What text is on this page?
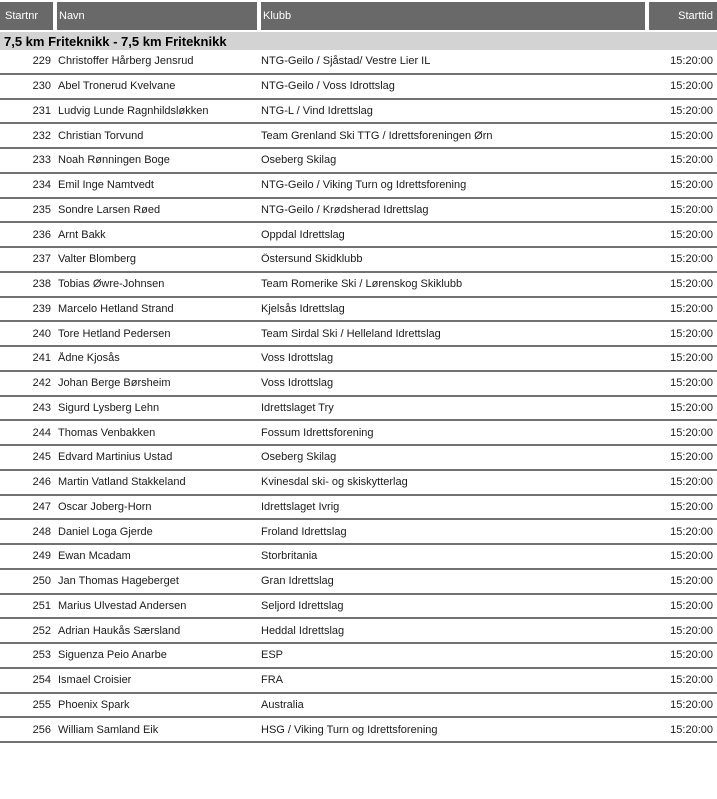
Startnr	Navn	Klubb	Starttid
7,5 km Friteknikk - 7,5 km Friteknikk
229 Christoffer Hårberg Jensrud	NTG-Geilo / Sjåstad/ Vestre Lier IL	15:20:00
230 Abel Tronerud Kvelvane	NTG-Geilo / Voss Idrottslag	15:20:00
231 Ludvig Lunde Ragnhildsløkken	NTG-L / Vind Idrettslag	15:20:00
232 Christian Torvund	Team Grenland Ski TTG / Idrettsforeningen Ørn	15:20:00
233 Noah Rønningen Boge	Oseberg Skilag	15:20:00
234 Emil Inge Namtvedt	NTG-Geilo / Viking Turn og Idrettsforening	15:20:00
235 Sondre Larsen Røed	NTG-Geilo / Krødsherad Idrettslag	15:20:00
236 Arnt Bakk	Oppdal Idrettslag	15:20:00
237 Valter Blomberg	Östersund Skidklubb	15:20:00
238 Tobias Øwre-Johnsen	Team Romerike Ski / Lørenskog Skiklubb	15:20:00
239 Marcelo Hetland Strand	Kjelsås Idrettslag	15:20:00
240 Tore Hetland Pedersen	Team Sirdal Ski / Helleland Idrettslag	15:20:00
241 Ådne Kjosås	Voss Idrottslag	15:20:00
242 Johan Berge Børsheim	Voss Idrottslag	15:20:00
243 Sigurd Lysberg Lehn	Idrettslaget Try	15:20:00
244 Thomas Venbakken	Fossum Idrettsforening	15:20:00
245 Edvard Martinius Ustad	Oseberg Skilag	15:20:00
246 Martin Vatland Stakkeland	Kvinesdal ski- og skiskytterlag	15:20:00
247 Oscar Joberg-Horn	Idrettslaget Ivrig	15:20:00
248 Daniel Loga Gjerde	Froland Idrettslag	15:20:00
249 Ewan Mcadam	Storbritania	15:20:00
250 Jan Thomas Hageberget	Gran Idrettslag	15:20:00
251 Marius Ulvestad Andersen	Seljord Idrettslag	15:20:00
252 Adrian Haukås Særsland	Heddal Idrettslag	15:20:00
253 Siguenza Peio Anarbe	ESP	15:20:00
254 Ismael Croisier	FRA	15:20:00
255 Phoenix Spark	Australia	15:20:00
256 William Samland Eik	HSG / Viking Turn og Idrettsforening	15:20:00
